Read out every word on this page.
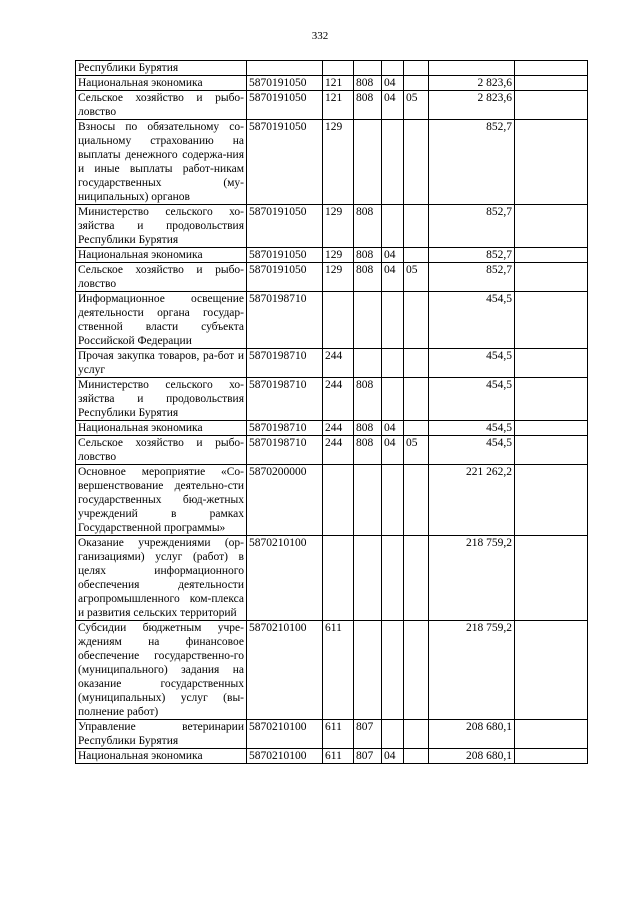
332
Республики Бурятия							
Национальная экономика	5870191050	121	808	04		2 823,6	
Сельское хозяйство и рыбо-ловство	5870191050	121	808	04	05	2 823,6	
Взносы по обязательному со-циальному страхованию на выплаты денежного содержа-ния и иные выплаты работ-никам государственных (му-ниципальных) органов	5870191050	129				852,7	
Министерство сельского хо-зяйства и продовольствия Республики Бурятия	5870191050	129	808			852,7	
Национальная экономика	5870191050	129	808	04		852,7	
Сельское хозяйство и рыбо-ловство	5870191050	129	808	04	05	852,7	
Информационное освещение деятельности органа государ-ственной власти субъекта Российской Федерации	5870198710					454,5	
Прочая закупка товаров, ра-бот и услуг	5870198710	244				454,5	
Министерство сельского хо-зяйства и продовольствия Республики Бурятия	5870198710	244	808			454,5	
Национальная экономика	5870198710	244	808	04		454,5	
Сельское хозяйство и рыбо-ловство	5870198710	244	808	04	05	454,5	
Основное мероприятие «Со-вершенствование деятельно-сти государственных бюд-жетных учреждений в рамках Государственной программы»	5870200000					221 262,2	
Оказание учреждениями (ор-ганизациями) услуг (работ) в целях информационного обеспечения деятельности агропромышленного ком-плекса и развития сельских территорий	5870210100					218 759,2	
Субсидии бюджетным учре-ждениям на финансовое обеспечение государственно-го (муниципального) задания на оказание государственных (муниципальных) услуг (вы-полнение работ)	5870210100	611				218 759,2	
Управление ветеринарии Республики Бурятия	5870210100	611	807			208 680,1	
Национальная экономика	5870210100	611	807	04		208 680,1	
